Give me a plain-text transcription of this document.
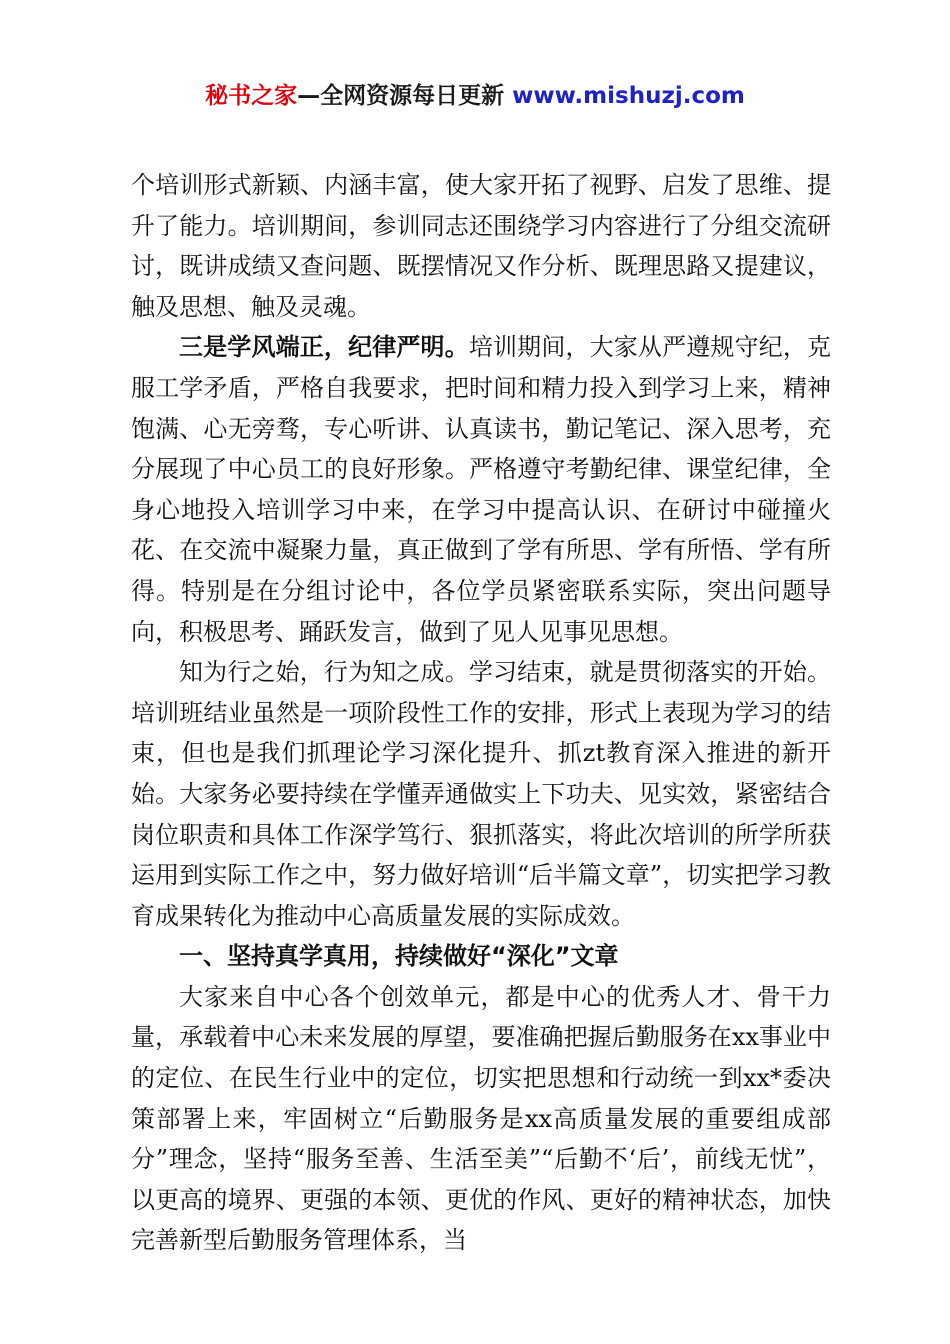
秘书之家—全网资源每日更新 www.mishuzj.com

个培训形式新颖、内涵丰富，使大家开拓了视野、启发了思维、提升了能力。培训期间，参训同志还围绕学习内容进行了分组交流研讨，既讲成绩又查问题、既摆情况又作分析、既理思路又提建议，触及思想、触及灵魂。

三是学风端正，纪律严明。培训期间，大家从严遵规守纪，克服工学矛盾，严格自我要求，把时间和精力投入到学习上来，精神饱满、心无旁骛，专心听讲、认真读书，勤记笔记、深入思考，充分展现了中心员工的良好形象。严格遵守考勤纪律、课堂纪律，全身心地投入培训学习中来，在学习中提高认识、在研讨中碰撞火花、在交流中凝聚力量，真正做到了学有所思、学有所悟、学有所得。特别是在分组讨论中，各位学员紧密联系实际，突出问题导向，积极思考、踊跃发言，做到了见人见事见思想。

知为行之始，行为知之成。学习结束，就是贯彻落实的开始。培训班结业虽然是一项阶段性工作的安排，形式上表现为学习的结束，但也是我们抓理论学习深化提升、抓zt教育深入推进的新开始。大家务必要持续在学懂弄通做实上下功夫、见实效，紧密结合岗位职责和具体工作深学笃行、狠抓落实，将此次培训的所学所获运用到实际工作之中，努力做好培训“后半篇文章”，切实把学习教育成果转化为推动中心高质量发展的实际成效。

一、坚持真学真用，持续做好“深化”文章

大家来自中心各个创效单元，都是中心的优秀人才、骨干力量，承载着中心未来发展的厚望，要准确把握后勤服务在xx事业中的定位、在民生行业中的定位，切实把思想和行动统一到xx*委决策部署上来，牢固树立“后勤服务是xx高质量发展的重要组成部分”理念，坚持“服务至善、生活至美”“后勤不‘后’，前线无忧”，以更高的境界、更强的本领、更优的作风、更好的精神状态，加快完善新型后勤服务管理体系，当
